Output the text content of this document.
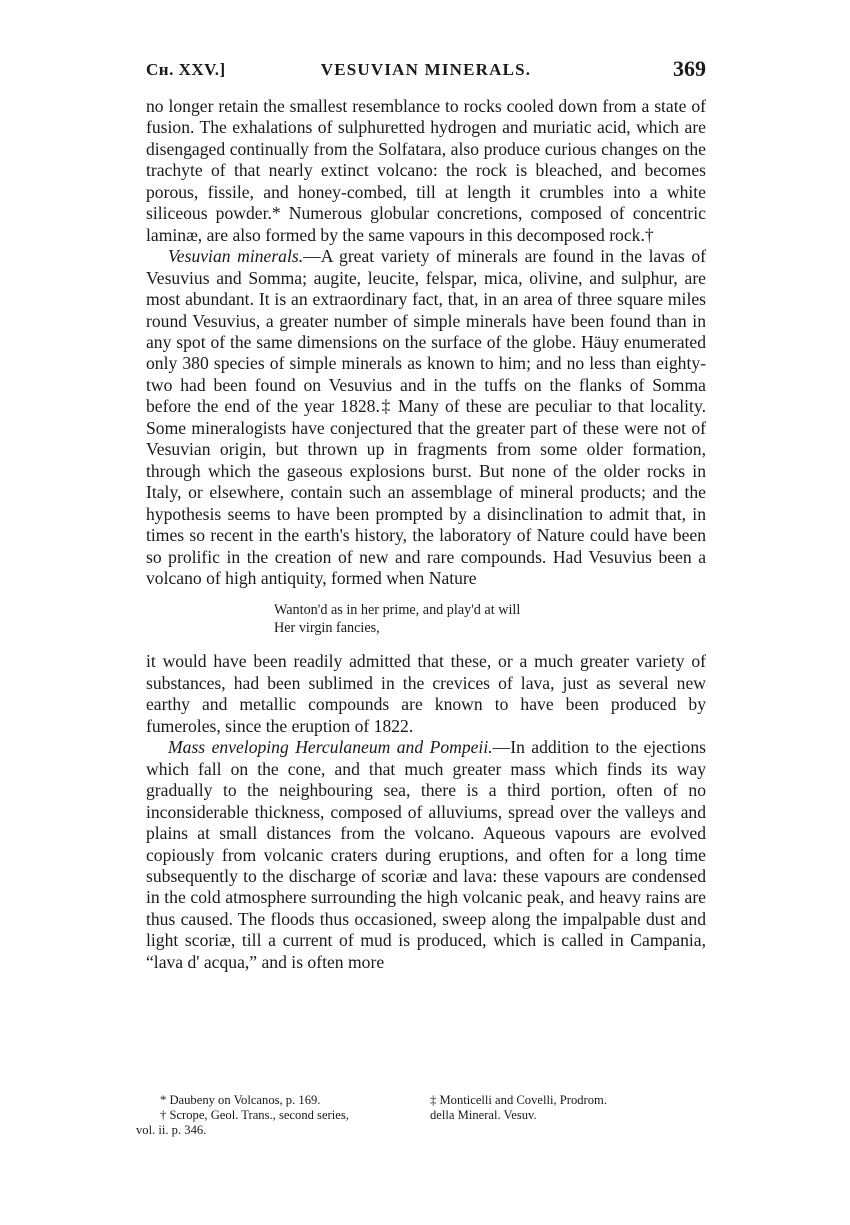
Cн. XXV.]	VESUVIAN MINERALS.	369

no longer retain the smallest resemblance to rocks cooled down from a state of fusion. The exhalations of sulphuretted hydrogen and muriatic acid, which are disengaged continually from the Solfatara, also produce curious changes on the trachyte of that nearly extinct volcano: the rock is bleached, and becomes porous, fissile, and honey-combed, till at length it crumbles into a white siliceous powder.* Numerous globular concretions, composed of concentric laminæ, are also formed by the same vapours in this decomposed rock.†

Vesuvian minerals.—A great variety of minerals are found in the lavas of Vesuvius and Somma; augite, leucite, felspar, mica, olivine, and sulphur, are most abundant. It is an extraordinary fact, that, in an area of three square miles round Vesuvius, a greater number of simple minerals have been found than in any spot of the same dimensions on the surface of the globe. Häuy enumerated only 380 species of simple minerals as known to him; and no less than eighty-two had been found on Vesuvius and in the tuffs on the flanks of Somma before the end of the year 1828.‡ Many of these are peculiar to that locality. Some mineralogists have conjectured that the greater part of these were not of Vesuvian origin, but thrown up in fragments from some older formation, through which the gaseous explosions burst. But none of the older rocks in Italy, or elsewhere, contain such an assemblage of mineral products; and the hypothesis seems to have been prompted by a disinclination to admit that, in times so recent in the earth's history, the laboratory of Nature could have been so prolific in the creation of new and rare compounds. Had Vesuvius been a volcano of high antiquity, formed when Nature

Wanton'd as in her prime, and play'd at will
Her virgin fancies,

it would have been readily admitted that these, or a much greater variety of substances, had been sublimed in the crevices of lava, just as several new earthy and metallic compounds are known to have been produced by fumeroles, since the eruption of 1822.

Mass enveloping Herculaneum and Pompeii.—In addition to the ejections which fall on the cone, and that much greater mass which finds its way gradually to the neighbouring sea, there is a third portion, often of no inconsiderable thickness, composed of alluviums, spread over the valleys and plains at small distances from the volcano. Aqueous vapours are evolved copiously from volcanic craters during eruptions, and often for a long time subsequently to the discharge of scoriæ and lava: these vapours are condensed in the cold atmosphere surrounding the high volcanic peak, and heavy rains are thus caused. The floods thus occasioned, sweep along the impalpable dust and light scoriæ, till a current of mud is produced, which is called in Campania, “lava d' acqua,” and is often more

* Daubeny on Volcanos, p. 169.	‡ Monticelli and Covelli, Prodrom.
† Scrope, Geol. Trans., second series,	della Mineral. Vesuv.
vol. ii. p. 346.
